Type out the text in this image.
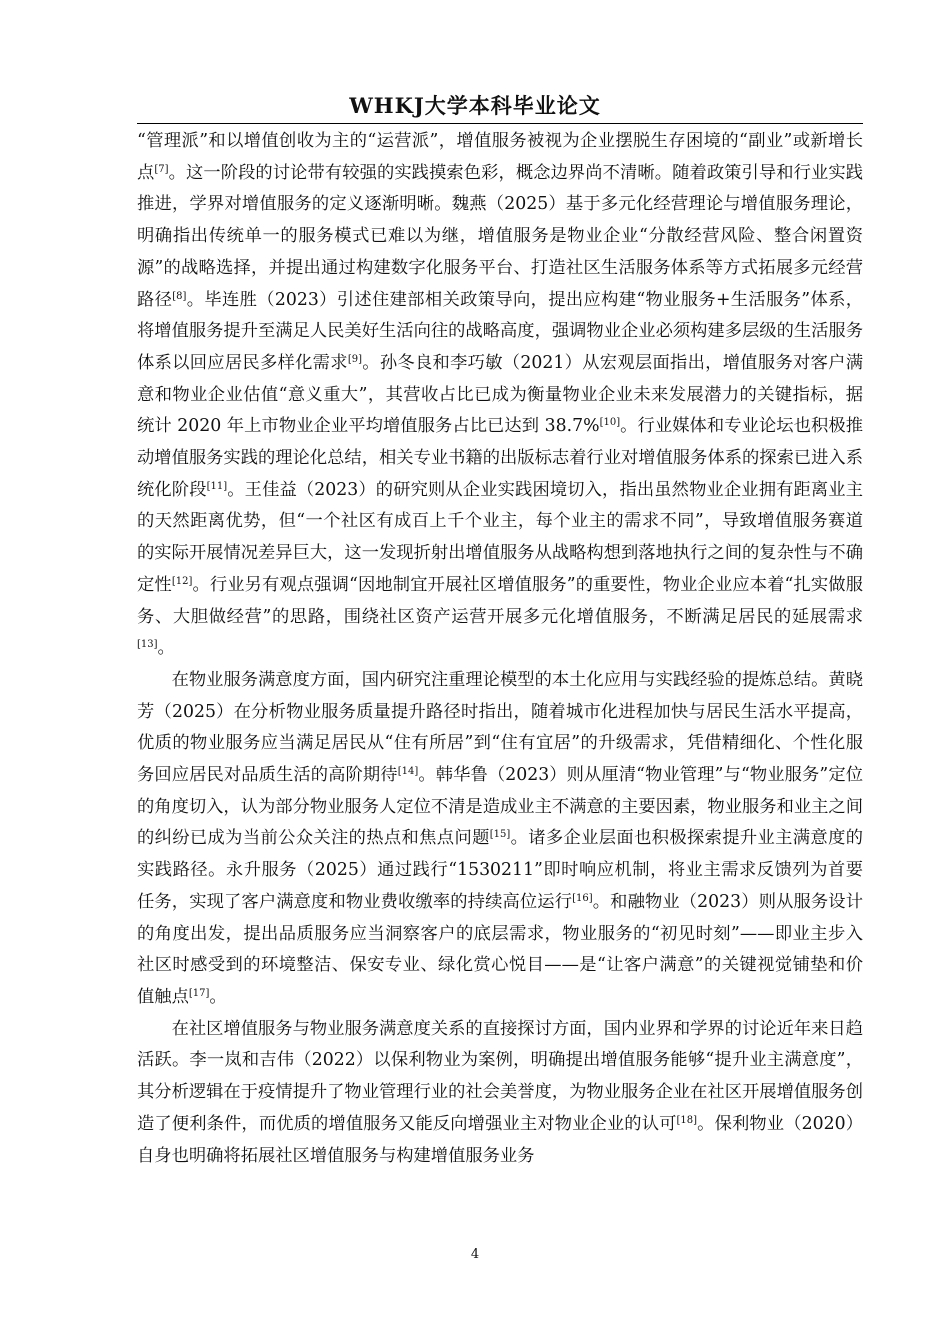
WHKJ大学本科毕业论文

“管理派”和以增值创收为主的“运营派”，增值服务被视为企业摆脱生存困境的“副业”或新增长点[7]。这一阶段的讨论带有较强的实践摸索色彩，概念边界尚不清晰。随着政策引导和行业实践推进，学界对增值服务的定义逐渐明晰。魏燕（2025）基于多元化经营理论与增值服务理论，明确指出传统单一的服务模式已难以为继，增值服务是物业企业“分散经营风险、整合闲置资源”的战略选择，并提出通过构建数字化服务平台、打造社区生活服务体系等方式拓展多元经营路径[8]。毕连胜（2023）引述住建部相关政策导向，提出应构建“物业服务+生活服务”体系，将增值服务提升至满足人民美好生活向往的战略高度，强调物业企业必须构建多层级的生活服务体系以回应居民多样化需求[9]。孙冬良和李巧敏（2021）从宏观层面指出，增值服务对客户满意和物业企业估值“意义重大”，其营收占比已成为衡量物业企业未来发展潜力的关键指标，据统计 2020 年上市物业企业平均增值服务占比已达到 38.7%[10]。行业媒体和专业论坛也积极推动增值服务实践的理论化总结，相关专业书籍的出版标志着行业对增值服务体系的探索已进入系统化阶段[11]。王佳益（2023）的研究则从企业实践困境切入，指出虽然物业企业拥有距离业主的天然距离优势，但“一个社区有成百上千个业主，每个业主的需求不同”，导致增值服务赛道的实际开展情况差异巨大，这一发现折射出增值服务从战略构想到落地执行之间的复杂性与不确定性[12]。行业另有观点强调“因地制宜开展社区增值服务”的重要性，物业企业应本着“扎实做服务、大胆做经营”的思路，围绕社区资产运营开展多元化增值服务，不断满足居民的延展需求[13]。

在物业服务满意度方面，国内研究注重理论模型的本土化应用与实践经验的提炼总结。黄晓芳（2025）在分析物业服务质量提升路径时指出，随着城市化进程加快与居民生活水平提高，优质的物业服务应当满足居民从“住有所居”到“住有宜居”的升级需求，凭借精细化、个性化服务回应居民对品质生活的高阶期待[14]。韩华鲁（2023）则从厘清“物业管理”与“物业服务”定位的角度切入，认为部分物业服务人定位不清是造成业主不满意的主要因素，物业服务和业主之间的纠纷已成为当前公众关注的热点和焦点问题[15]。诸多企业层面也积极探索提升业主满意度的实践路径。永升服务（2025）通过践行“1530211”即时响应机制，将业主需求反馈列为首要任务，实现了客户满意度和物业费收缴率的持续高位运行[16]。和融物业（2023）则从服务设计的角度出发，提出品质服务应当洞察客户的底层需求，物业服务的“初见时刻”——即业主步入社区时感受到的环境整洁、保安专业、绿化赏心悦目——是“让客户满意”的关键视觉铺垫和价值触点[17]。

在社区增值服务与物业服务满意度关系的直接探讨方面，国内业界和学界的讨论近年来日趋活跃。李一岚和吉伟（2022）以保利物业为案例，明确提出增值服务能够“提升业主满意度”，其分析逻辑在于疫情提升了物业管理行业的社会美誉度，为物业服务企业在社区开展增值服务创造了便利条件，而优质的增值服务又能反向增强业主对物业企业的认可[18]。保利物业（2020）自身也明确将拓展社区增值服务与构建增值服务业务

4
